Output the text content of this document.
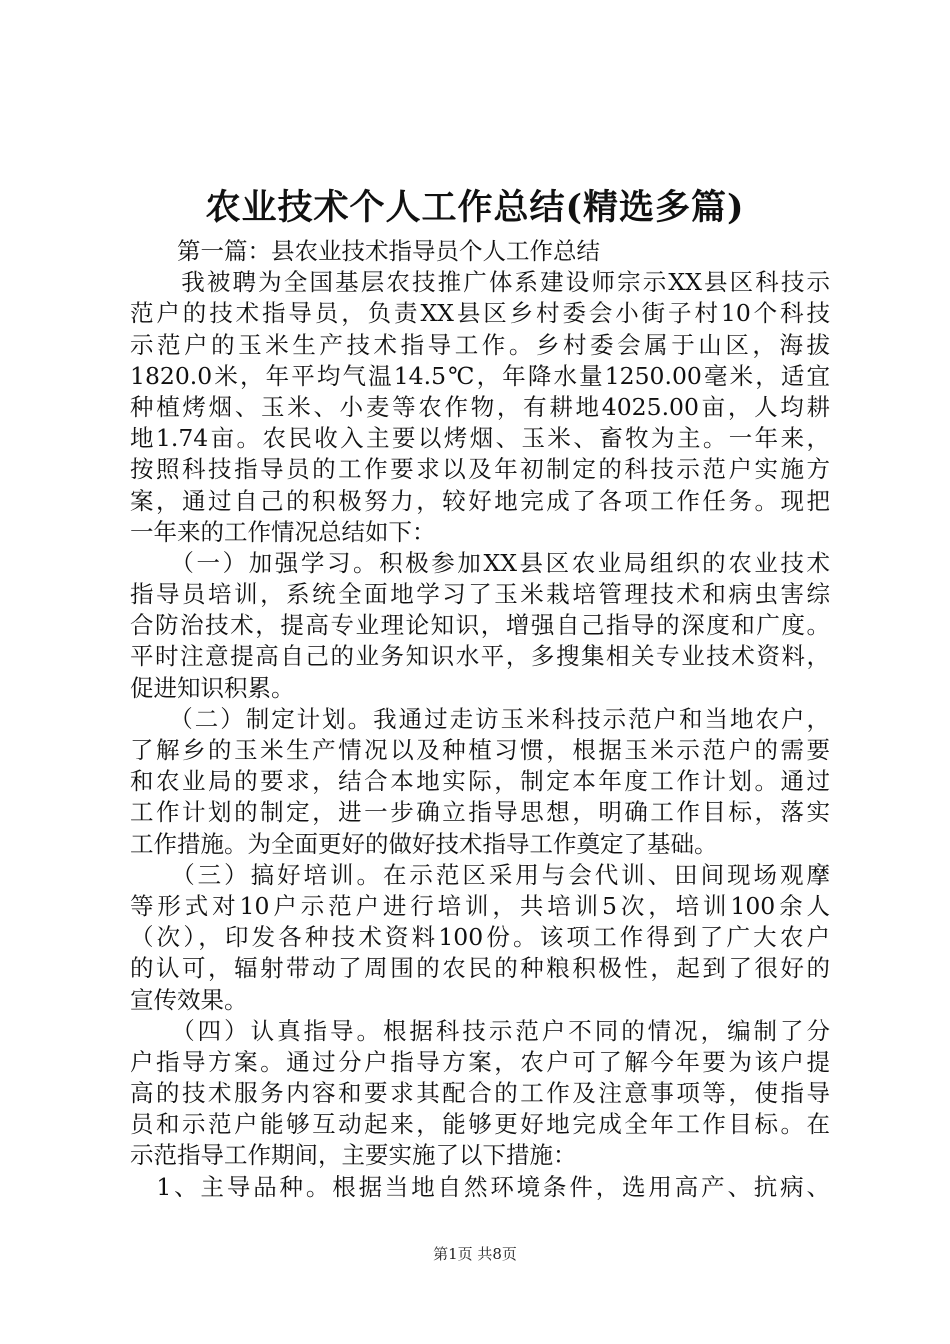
农业技术个人工作总结(精选多篇)
　　第一篇：县农业技术指导员个人工作总结
　　我被聘为全国基层农技推广体系建设师宗示XX县区科技示
范户的技术指导员，负责XX县区乡村委会小街子村10个科技
示范户的玉米生产技术指导工作。乡村委会属于山区，海拔
1820.0米，年平均气温14.5℃，年降水量1250.00毫米，适宜
种植烤烟、玉米、小麦等农作物，有耕地4025.00亩，人均耕
地1.74亩。农民收入主要以烤烟、玉米、畜牧为主。一年来，
按照科技指导员的工作要求以及年初制定的科技示范户实施方
案，通过自己的积极努力，较好地完成了各项工作任务。现把
一年来的工作情况总结如下：
　　（一）加强学习。积极参加XX县区农业局组织的农业技术
指导员培训，系统全面地学习了玉米栽培管理技术和病虫害综
合防治技术，提高专业理论知识，增强自己指导的深度和广度。
平时注意提高自己的业务知识水平，多搜集相关专业技术资料，
促进知识积累。
　　（二）制定计划。我通过走访玉米科技示范户和当地农户，
了解乡的玉米生产情况以及种植习惯，根据玉米示范户的需要
和农业局的要求，结合本地实际，制定本年度工作计划。通过
工作计划的制定，进一步确立指导思想，明确工作目标，落实
工作措施。为全面更好的做好技术指导工作奠定了基础。
　　（三）搞好培训。在示范区采用与会代训、田间现场观摩
等形式对10户示范户进行培训，共培训5次，培训100余人
（次），印发各种技术资料100份。该项工作得到了广大农户
的认可，辐射带动了周围的农民的种粮积极性，起到了很好的
宣传效果。
　　（四）认真指导。根据科技示范户不同的情况，编制了分
户指导方案。通过分户指导方案，农户可了解今年要为该户提
高的技术服务内容和要求其配合的工作及注意事项等，使指导
员和示范户能够互动起来，能够更好地完成全年工作目标。在
示范指导工作期间，主要实施了以下措施：
　1、主导品种。根据当地自然环境条件，选用高产、抗病、
第1页 共8页
